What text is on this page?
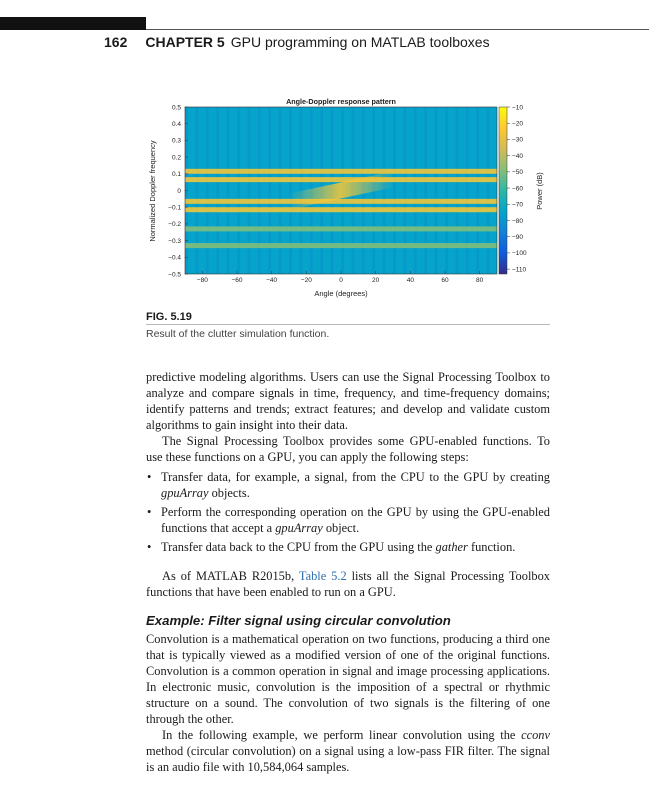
162 CHAPTER 5 GPU programming on MATLAB toolboxes
Angle-Doppler response pattern
Angle (degrees)
Normalized Doppler frequency	Power (dB)
−80	−60	−40	−20	0	20	40	60	80
0.5
0.4
0.3
0.2
0.1
0
−0.1
−0.2
−0.3
−0.4
−0.5
−10
−20
−30
−40
−50
−60
−70
−80
−90
−100
−110
FIG. 5.19
Result of the clutter simulation function.

predictive modeling algorithms. Users can use the Signal Processing Toolbox to analyze and compare signals in time, frequency, and time-frequency domains; identify patterns and trends; extract features; and develop and validate custom algorithms to gain insight into their data.

The Signal Processing Toolbox provides some GPU-enabled functions. To use these functions on a GPU, you can apply the following steps:

• Transfer data, for example, a signal, from the CPU to the GPU by creating gpuArray objects.
• Perform the corresponding operation on the GPU by using the GPU-enabled functions that accept a gpuArray object.
• Transfer data back to the CPU from the GPU using the gather function.

As of MATLAB R2015b, Table 5.2 lists all the Signal Processing Toolbox functions that have been enabled to run on a GPU.

Example: Filter signal using circular convolution

Convolution is a mathematical operation on two functions, producing a third one that is typically viewed as a modified version of one of the original functions. Convolution is a common operation in signal and image processing applications. In electronic music, convolution is the imposition of a spectral or rhythmic structure on a sound. The convolution of two signals is the filtering of one through the other.

In the following example, we perform linear convolution using the cconv method (circular convolution) on a signal using a low-pass FIR filter. The signal is an audio file with 10,584,064 samples.
